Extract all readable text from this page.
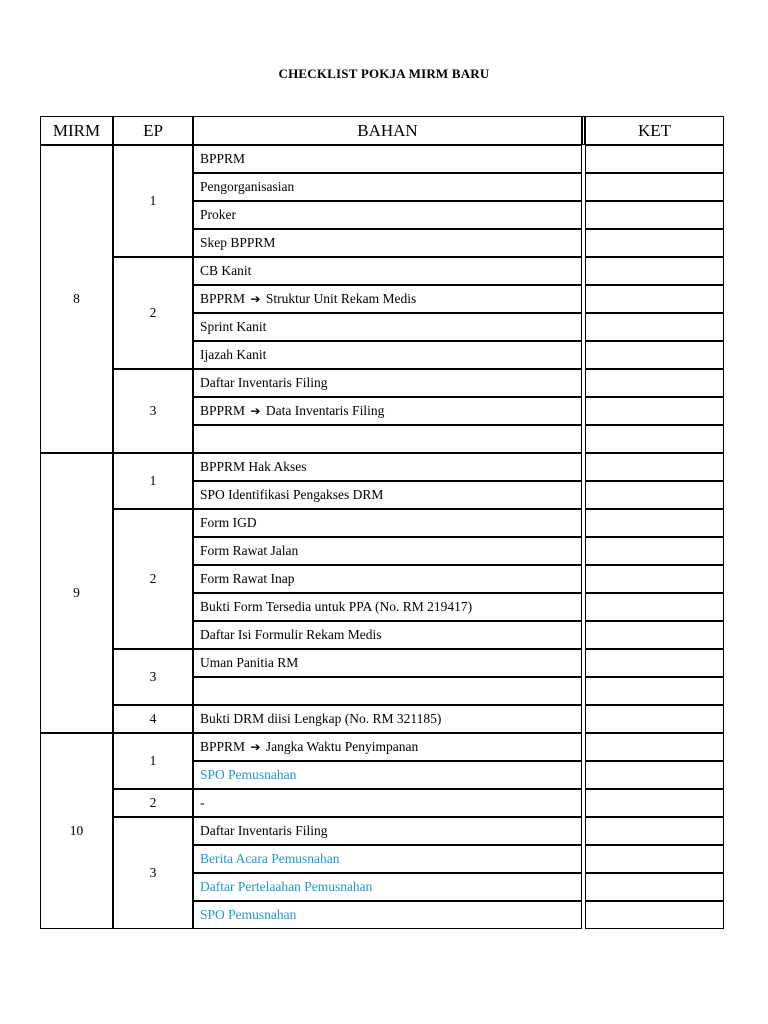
CHECKLIST POKJA MIRM BARU
MIRM	EP	BAHAN		KET
8	1	BPPRM		
		Pengorganisasian		
		Proker		
		Skep BPPRM		
	2	CB Kanit		
		BPPRM ➔ Struktur Unit Rekam Medis		
		Sprint Kanit		
		Ijazah Kanit		
	3	Daftar Inventaris Filing		
		BPPRM ➔ Data Inventaris Filing		

9	1	BPPRM Hak Akses		
		SPO Identifikasi Pengakses DRM		
	2	Form IGD		
		Form Rawat Jalan		
		Form Rawat Inap		
		Bukti Form Tersedia untuk PPA (No. RM 219417)		
		Daftar Isi Formulir Rekam Medis		
	3	Uman Panitia RM		

	4	Bukti DRM diisi Lengkap (No. RM 321185)		
10	1	BPPRM ➔ Jangka Waktu Penyimpanan		
		SPO Pemusnahan		
	2	-		
	3	Daftar Inventaris Filing		
		Berita Acara Pemusnahan		
		Daftar Pertelaahan Pemusnahan		
		SPO Pemusnahan		
